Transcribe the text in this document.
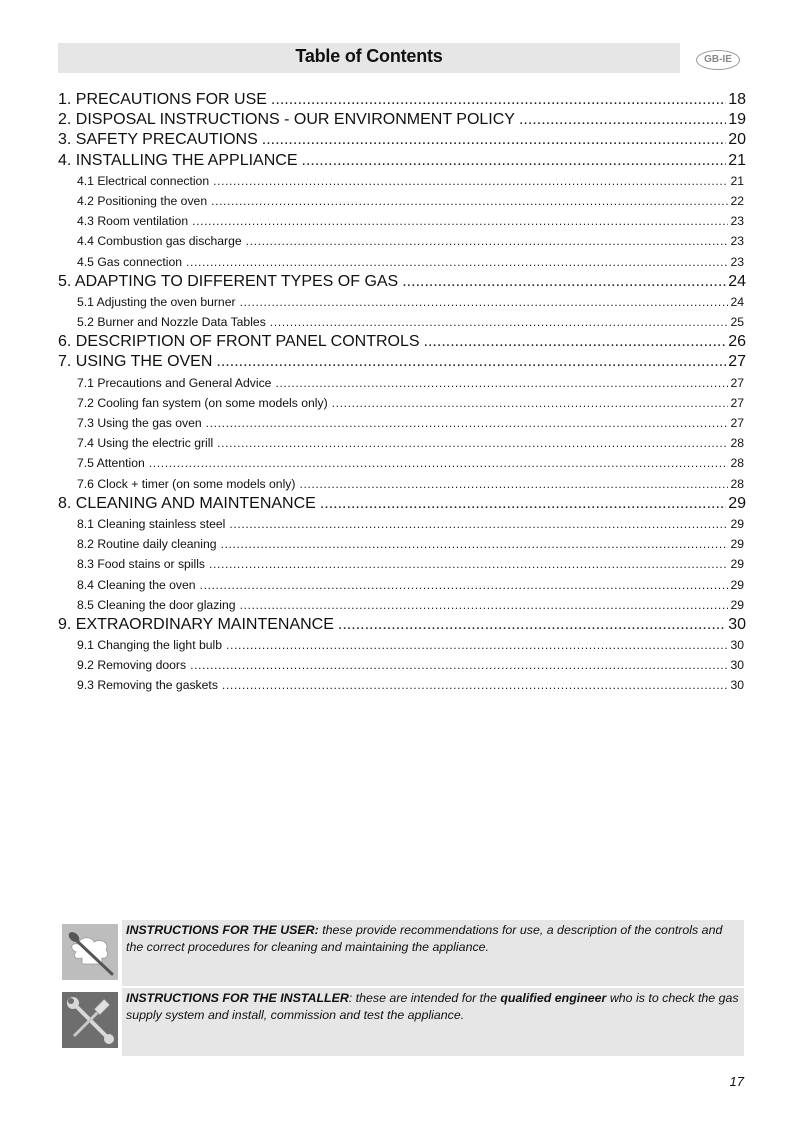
Table of Contents	GB-IE
1. PRECAUTIONS FOR USE .....	18
2. DISPOSAL INSTRUCTIONS - OUR ENVIRONMENT POLICY .....	19
3. SAFETY PRECAUTIONS .....	20
4. INSTALLING THE APPLIANCE .....	21
4.1 Electrical connection .....	21
4.2 Positioning the oven .....	22
4.3 Room ventilation .....	23
4.4 Combustion gas discharge .....	23
4.5 Gas connection .....	23
5. ADAPTING TO DIFFERENT TYPES OF GAS .....	24
5.1 Adjusting the oven burner .....	24
5.2 Burner and Nozzle Data Tables .....	25
6. DESCRIPTION OF FRONT PANEL CONTROLS .....	26
7. USING THE OVEN .....	27
7.1 Precautions and General Advice .....	27
7.2 Cooling fan system (on some models only) .....	27
7.3 Using the gas oven .....	27
7.4 Using the electric grill .....	28
7.5 Attention .....	28
7.6 Clock + timer (on some models only) .....	28
8. CLEANING AND MAINTENANCE .....	29
8.1 Cleaning stainless steel .....	29
8.2 Routine daily cleaning .....	29
8.3 Food stains or spills .....	29
8.4 Cleaning the oven .....	29
8.5 Cleaning the door glazing .....	29
9. EXTRAORDINARY MAINTENANCE .....	30
9.1 Changing the light bulb .....	30
9.2 Removing doors .....	30
9.3 Removing the gaskets .....	30
INSTRUCTIONS FOR THE USER: these provide recommendations for use, a description of the controls and the correct procedures for cleaning and maintaining the appliance.
INSTRUCTIONS FOR THE INSTALLER: these are intended for the qualified engineer who is to check the gas supply system and install, commission and test the appliance.
17
